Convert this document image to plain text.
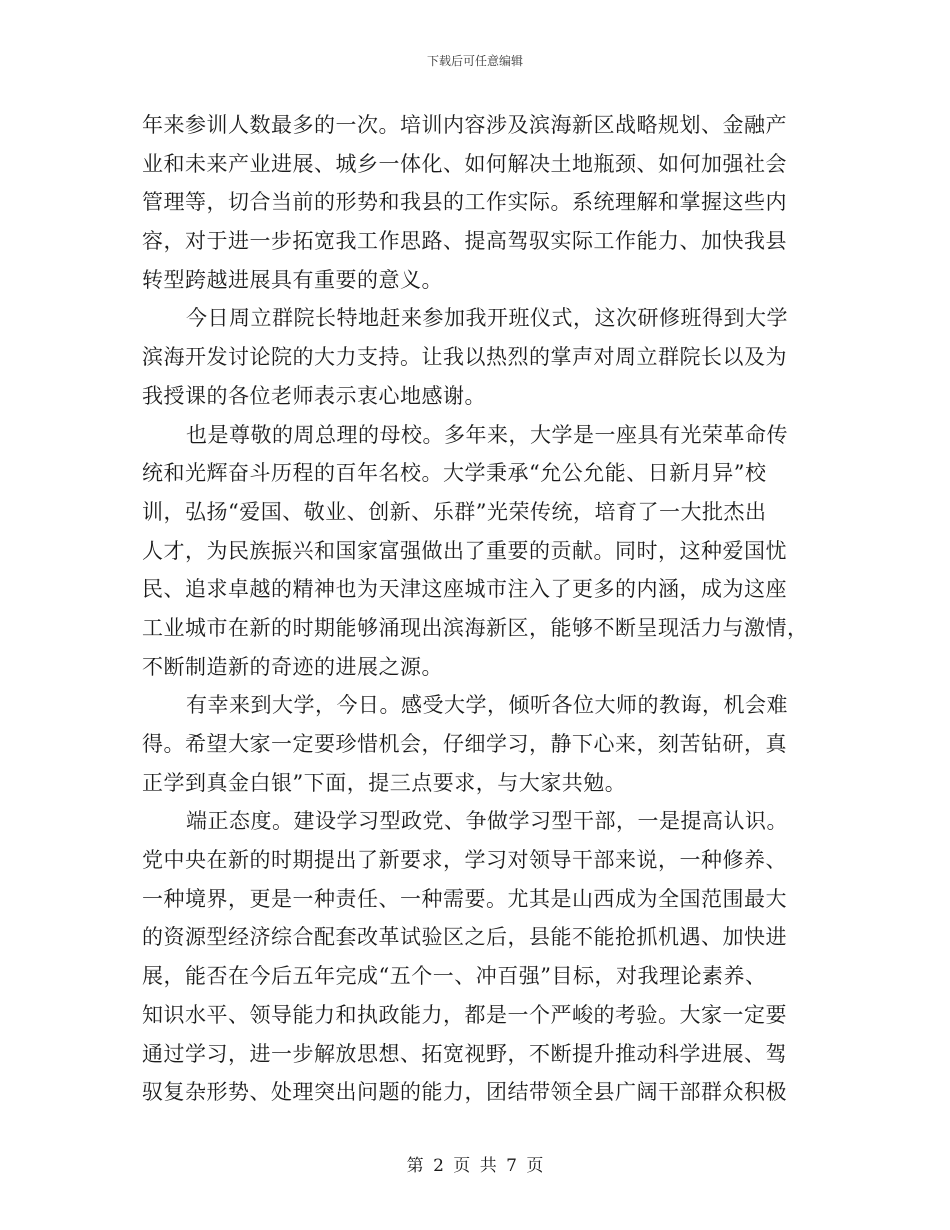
下载后可任意编辑
年来参训人数最多的一次。培训内容涉及滨海新区战略规划、金融产
业和未来产业进展、城乡一体化、如何解决土地瓶颈、如何加强社会
管理等，切合当前的形势和我县的工作实际。系统理解和掌握这些内
容，对于进一步拓宽我工作思路、提高驾驭实际工作能力、加快我县
转型跨越进展具有重要的意义。
今日周立群院长特地赶来参加我开班仪式，这次研修班得到大学
滨海开发讨论院的大力支持。让我以热烈的掌声对周立群院长以及为
我授课的各位老师表示衷心地感谢。
也是尊敬的周总理的母校。多年来，大学是一座具有光荣革命传
统和光辉奋斗历程的百年名校。大学秉承“允公允能、日新月异”校
训，弘扬“爱国、敬业、创新、乐群”光荣传统，培育了一大批杰出
人才，为民族振兴和国家富强做出了重要的贡献。同时，这种爱国忧
民、追求卓越的精神也为天津这座城市注入了更多的内涵，成为这座
工业城市在新的时期能够涌现出滨海新区，能够不断呈现活力与激情，
不断制造新的奇迹的进展之源。
有幸来到大学，今日。感受大学，倾听各位大师的教诲，机会难
得。希望大家一定要珍惜机会，仔细学习，静下心来，刻苦钻研，真
正学到真金白银”下面，提三点要求，与大家共勉。
端正态度。建设学习型政党、争做学习型干部，一是提高认识。
党中央在新的时期提出了新要求，学习对领导干部来说，一种修养、
一种境界，更是一种责任、一种需要。尤其是山西成为全国范围最大
的资源型经济综合配套改革试验区之后，县能不能抢抓机遇、加快进
展，能否在今后五年完成“五个一、冲百强”目标，对我理论素养、
知识水平、领导能力和执政能力，都是一个严峻的考验。大家一定要
通过学习，进一步解放思想、拓宽视野，不断提升推动科学进展、驾
驭复杂形势、处理突出问题的能力，团结带领全县广阔干部群众积极
第 2 页 共 7 页
